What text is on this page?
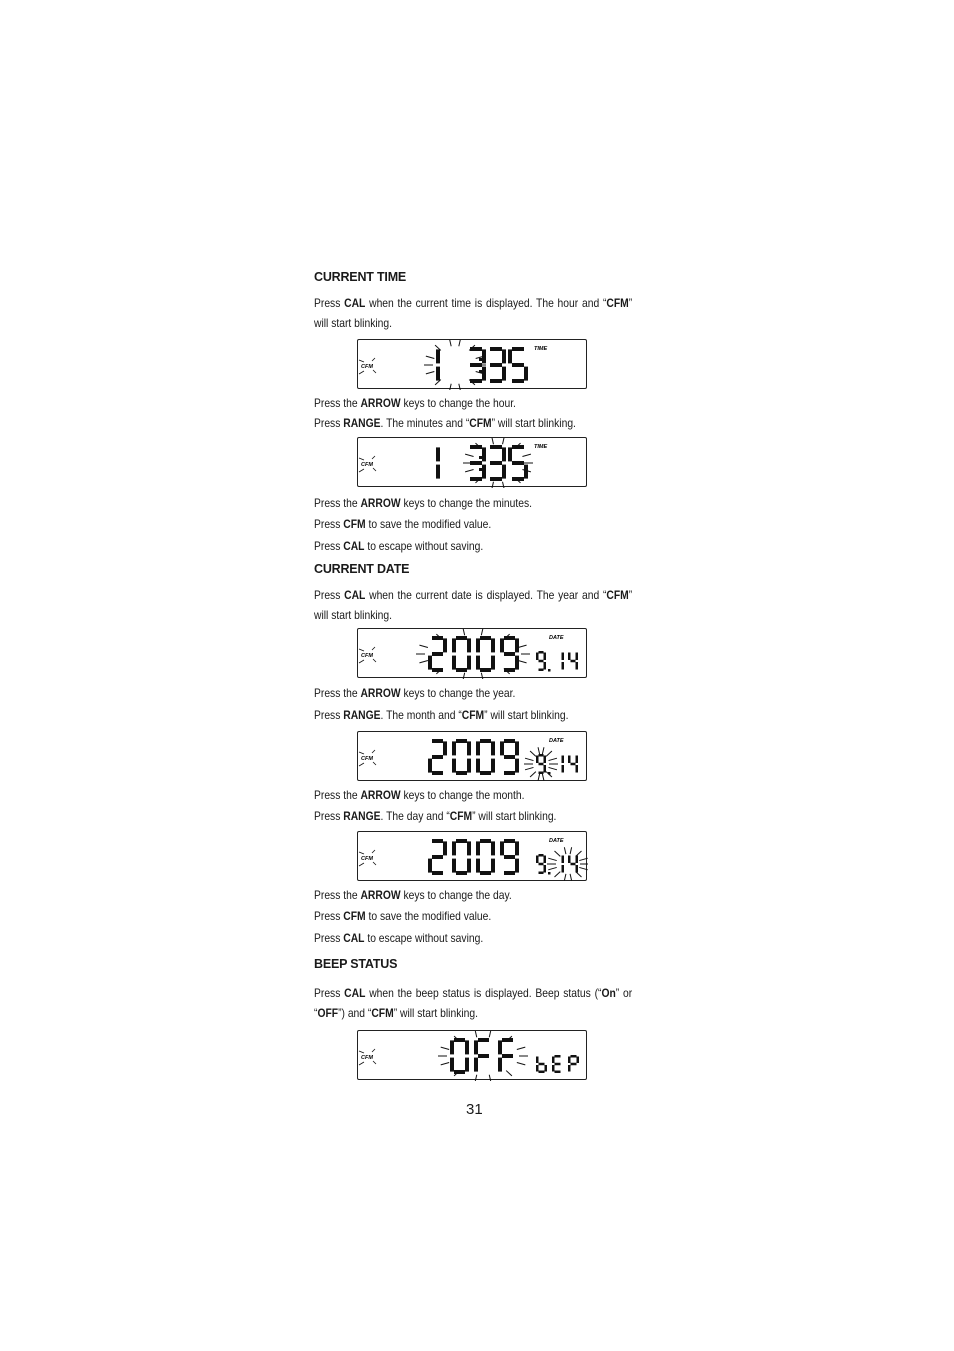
CURRENT TIME
Press CAL when the current time is displayed. The hour and “CFM” will start blinking.
CFM
TIME
Press the ARROW keys to change the hour.
Press RANGE. The minutes and “CFM” will start blinking.
CFM
TIME
Press the ARROW keys to change the minutes.
Press CFM to save the modified value.
Press CAL to escape without saving.
CURRENT DATE
Press CAL when the current date is displayed. The year and “CFM” will start blinking.
CFM
DATE
Press the ARROW keys to change the year.
Press RANGE. The month and “CFM” will start blinking.
CFM
DATE
Press the ARROW keys to change the month.
Press RANGE. The day and “CFM” will start blinking.
CFM
DATE
Press the ARROW keys to change the day.
Press CFM to save the modified value.
Press CAL to escape without saving.
BEEP STATUS
Press CAL when the beep status is displayed. Beep status (“On” or “OFF”) and “CFM” will start blinking.
CFM
31
